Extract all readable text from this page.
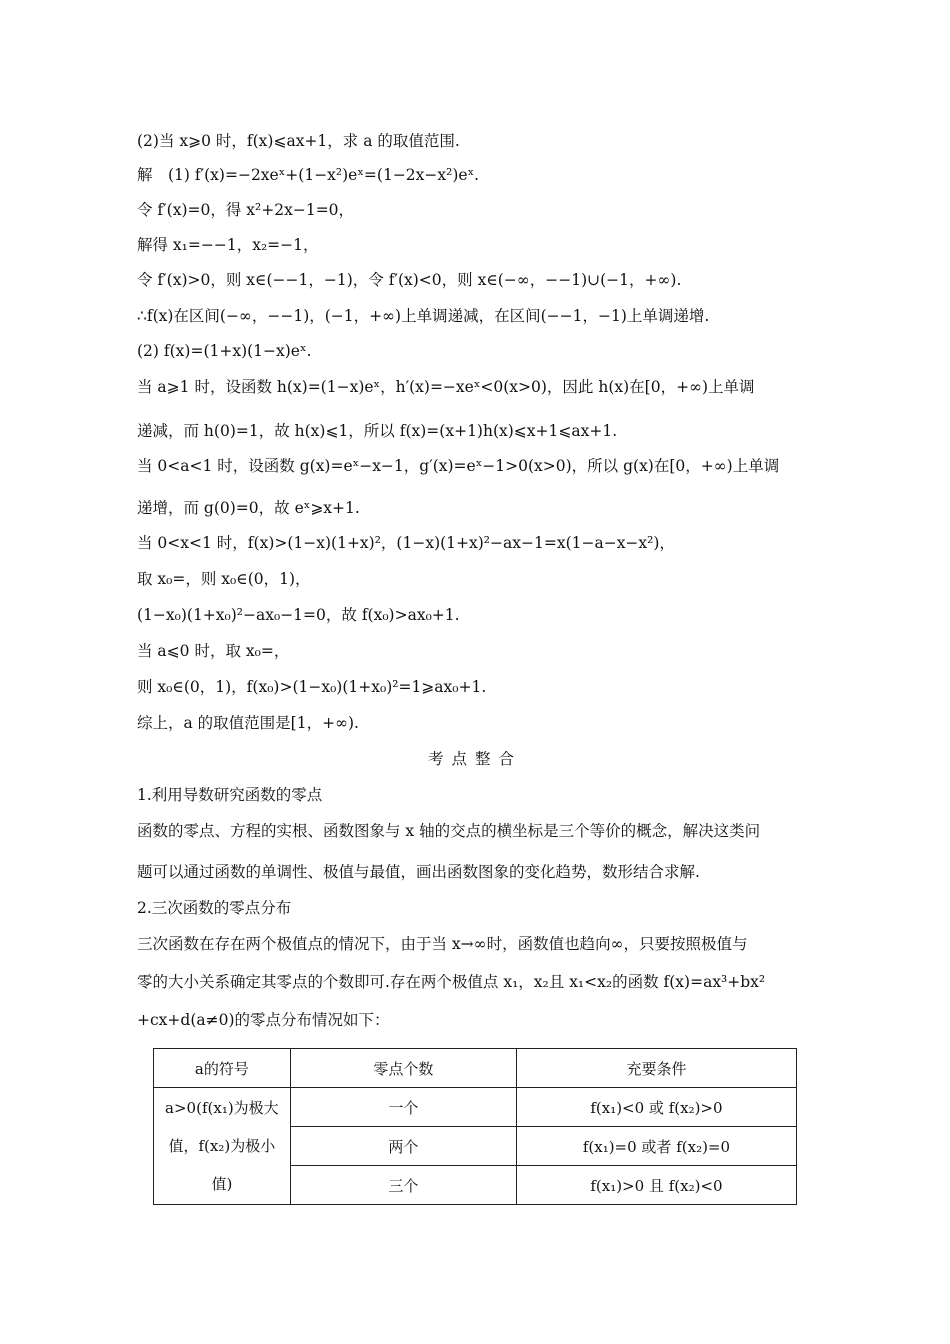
(2)当 x⩾0 时，f(x)⩽ax+1，求 a 的取值范围.
解　(1) f′(x)=−2xeˣ+(1−x²)eˣ=(1−2x−x²)eˣ.
令 f′(x)=0，得 x²+2x−1=0，
解得 x₁=−−1，x₂=−1，
令 f′(x)>0，则 x∈(−−1，−1)，令 f′(x)<0，则 x∈(−∞，−−1)∪(−1，+∞).
∴f(x)在区间(−∞，−−1)，(−1，+∞)上单调递减，在区间(−−1，−1)上单调递增.
(2) f(x)=(1+x)(1−x)eˣ.
当 a⩾1 时，设函数 h(x)=(1−x)eˣ，h′(x)=−xeˣ<0(x>0)，因此 h(x)在[0，+∞)上单调
递减，而 h(0)=1，故 h(x)⩽1，所以 f(x)=(x+1)h(x)⩽x+1⩽ax+1.
当 0<a<1 时，设函数 g(x)=eˣ−x−1，g′(x)=eˣ−1>0(x>0)，所以 g(x)在[0，+∞)上单调
递增，而 g(0)=0，故 eˣ⩾x+1.
当 0<x<1 时，f(x)>(1−x)(1+x)²，(1−x)(1+x)²−ax−1=x(1−a−x−x²)，
取 x₀=，则 x₀∈(0，1)，
(1−x₀)(1+x₀)²−ax₀−1=0，故 f(x₀)>ax₀+1.
当 a⩽0 时，取 x₀=，
则 x₀∈(0，1)，f(x₀)>(1−x₀)(1+x₀)²=1⩾ax₀+1.
综上，a 的取值范围是[1，+∞).
考点整合
1.利用导数研究函数的零点
函数的零点、方程的实根、函数图象与 x 轴的交点的横坐标是三个等价的概念，解决这类问
题可以通过函数的单调性、极值与最值，画出函数图象的变化趋势，数形结合求解.
2.三次函数的零点分布
三次函数在存在两个极值点的情况下，由于当 x→∞时，函数值也趋向∞，只要按照极值与
零的大小关系确定其零点的个数即可.存在两个极值点 x₁，x₂且 x₁<x₂的函数 f(x)=ax³+bx²
+cx+d(a≠0)的零点分布情况如下：
a的符号	零点个数	充要条件
a>0(f(x₁)为极大值，f(x₂)为极小值)	一个	f(x₁)<0 或 f(x₂)>0
	两个	f(x₁)=0 或者 f(x₂)=0
	三个	f(x₁)>0 且 f(x₂)<0
